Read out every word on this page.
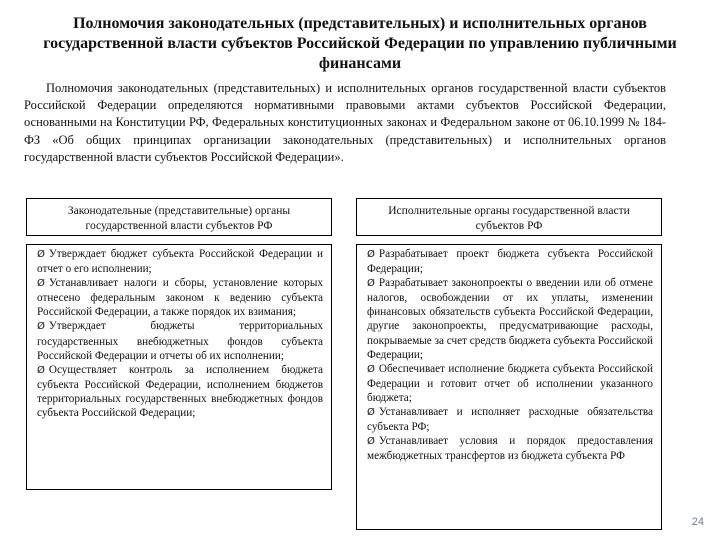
Полномочия законодательных (представительных) и исполнительных органов государственной власти субъектов Российской Федерации по управлению публичными финансами
Полномочия законодательных (представительных) и исполнительных органов государственной власти субъектов Российской Федерации определяются нормативными правовыми актами субъектов Российской Федерации, основанными на Конституции РФ, Федеральных конституционных законах и Федеральном законе от 06.10.1999 № 184-ФЗ «Об общих принципах организации законодательных (представительных) и исполнительных органов государственной власти субъектов Российской Федерации».
Законодательные (представительные) органы государственной власти субъектов РФ
Исполнительные органы государственной власти субъектов РФ

Ø Утверждает бюджет субъекта Российской Федерации и отчет о его исполнении;

Ø Устанавливает налоги и сборы, установление которых отнесено федеральным законом к ведению субъекта Российской Федерации, а также порядок их взимания;

Ø Утверждает бюджеты территориальных государственных внебюджетных фондов субъекта Российской Федерации и отчеты об их исполнении;

Ø Осуществляет контроль за исполнением бюджета субъекта Российской Федерации, исполнением бюджетов территориальных государственных внебюджетных фондов субъекта Российской Федерации;

Ø Разрабатывает проект бюджета субъекта Российской Федерации;

Ø Разрабатывает законопроекты о введении или об отмене налогов, освобождении от их уплаты, изменении финансовых обязательств субъекта Российской Федерации, другие законопроекты, предусматривающие расходы, покрываемые за счет средств бюджета субъекта Российской Федерации;

Ø Обеспечивает исполнение бюджета субъекта Российской Федерации и готовит отчет об исполнении указанного бюджета;

Ø Устанавливает и исполняет расходные обязательства субъекта РФ;

Ø Устанавливает условия и порядок предоставления межбюджетных трансфертов из бюджета субъекта РФ

24
